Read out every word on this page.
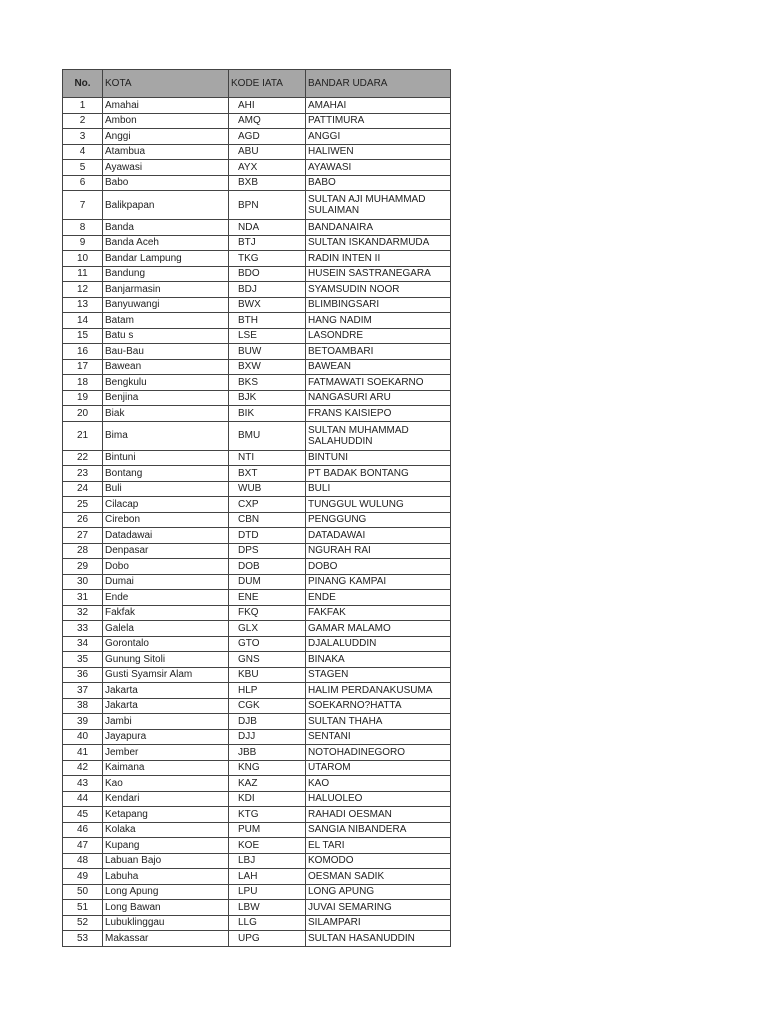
No.	KOTA	KODE IATA	BANDAR UDARA
1	Amahai	AHI	AMAHAI
2	Ambon	AMQ	PATTIMURA
3	Anggi	AGD	ANGGI
4	Atambua	ABU	HALIWEN
5	Ayawasi	AYX	AYAWASI
6	Babo	BXB	BABO
7	Balikpapan	BPN	SULTAN AJI MUHAMMAD SULAIMAN
8	Banda	NDA	BANDANAIRA
9	Banda Aceh	BTJ	SULTAN ISKANDARMUDA
10	Bandar Lampung	TKG	RADIN INTEN II
11	Bandung	BDO	HUSEIN SASTRANEGARA
12	Banjarmasin	BDJ	SYAMSUDIN NOOR
13	Banyuwangi	BWX	BLIMBINGSARI
14	Batam	BTH	HANG NADIM
15	Batu s	LSE	LASONDRE
16	Bau-Bau	BUW	BETOAMBARI
17	Bawean	BXW	BAWEAN
18	Bengkulu	BKS	FATMAWATI SOEKARNO
19	Benjina	BJK	NANGASURI ARU
20	Biak	BIK	FRANS KAISIEPO
21	Bima	BMU	SULTAN MUHAMMAD SALAHUDDIN
22	Bintuni	NTI	BINTUNI
23	Bontang	BXT	PT BADAK BONTANG
24	Buli	WUB	BULI
25	Cilacap	CXP	TUNGGUL WULUNG
26	Cirebon	CBN	PENGGUNG
27	Datadawai	DTD	DATADAWAI
28	Denpasar	DPS	NGURAH RAI
29	Dobo	DOB	DOBO
30	Dumai	DUM	PINANG KAMPAI
31	Ende	ENE	ENDE
32	Fakfak	FKQ	FAKFAK
33	Galela	GLX	GAMAR MALAMO
34	Gorontalo	GTO	DJALALUDDIN
35	Gunung Sitoli	GNS	BINAKA
36	Gusti Syamsir Alam	KBU	STAGEN
37	Jakarta	HLP	HALIM PERDANAKUSUMA
38	Jakarta	CGK	SOEKARNO?HATTA
39	Jambi	DJB	SULTAN THAHA
40	Jayapura	DJJ	SENTANI
41	Jember	JBB	NOTOHADINEGORO
42	Kaimana	KNG	UTAROM
43	Kao	KAZ	KAO
44	Kendari	KDI	HALUOLEO
45	Ketapang	KTG	RAHADI OESMAN
46	Kolaka	PUM	SANGIA NIBANDERA
47	Kupang	KOE	EL TARI
48	Labuan Bajo	LBJ	KOMODO
49	Labuha	LAH	OESMAN SADIK
50	Long Apung	LPU	LONG APUNG
51	Long Bawan	LBW	JUVAI SEMARING
52	Lubuklinggau	LLG	SILAMPARI
53	Makassar	UPG	SULTAN HASANUDDIN
